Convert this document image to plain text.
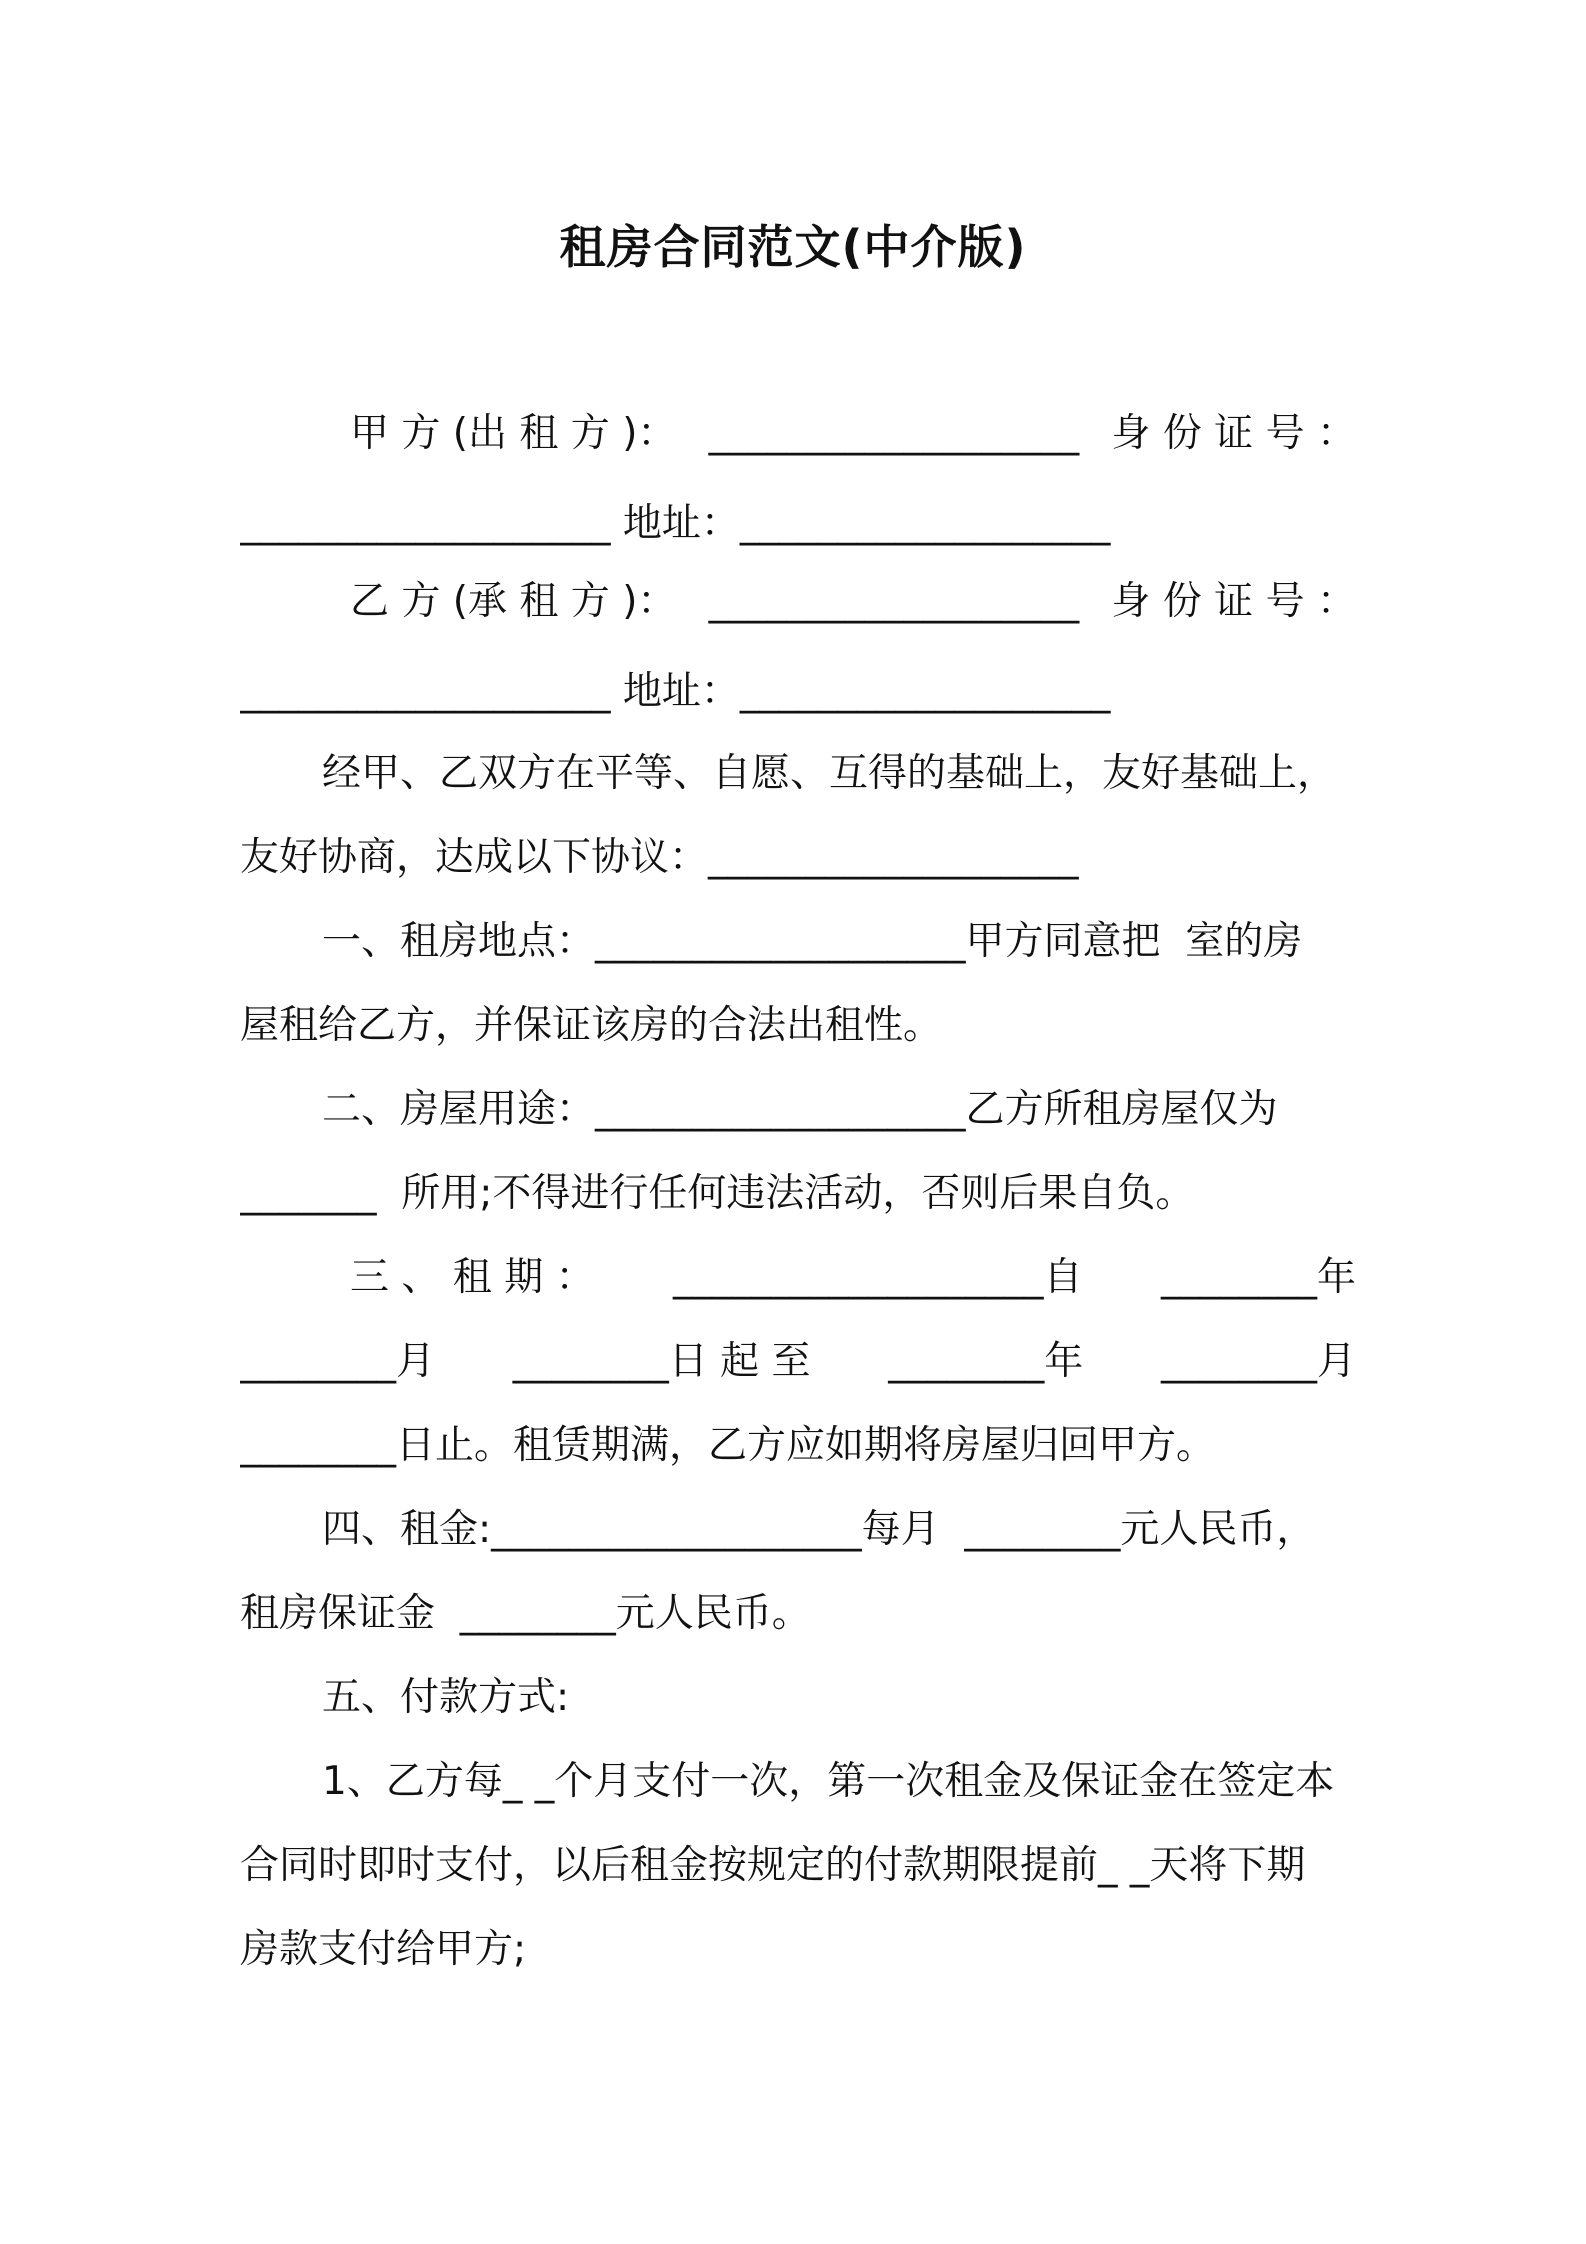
租房合同范文(中介版)
甲 方 (出 租 方 )： ___________________ 身 份 证 号 ：
___________________ 地址：___________________
乙 方 (承 租 方 )： ___________________ 身 份 证 号 ：
___________________ 地址：___________________
经甲、乙双方在平等、自愿、互得的基础上，友好基础上，
友好协商，达成以下协议：___________________
一、租房地点：___________________甲方同意把  室的房
屋租给乙方，并保证该房的合法出租性。
二、房屋用途：___________________乙方所租房屋仅为
_______  所用;不得进行任何违法活动，否则后果自负。
三 、 租 期 ： ___________________自 ________年
________月 ________日 起 至 ________年 ________月
________日止。租赁期满，乙方应如期将房屋归回甲方。
四、租金:___________________每月  ________元人民币，
租房保证金  ________元人民币。
五、付款方式:
1、乙方每_ _个月支付一次，第一次租金及保证金在签定本
合同时即时支付，以后租金按规定的付款期限提前_ _天将下期
房款支付给甲方;
